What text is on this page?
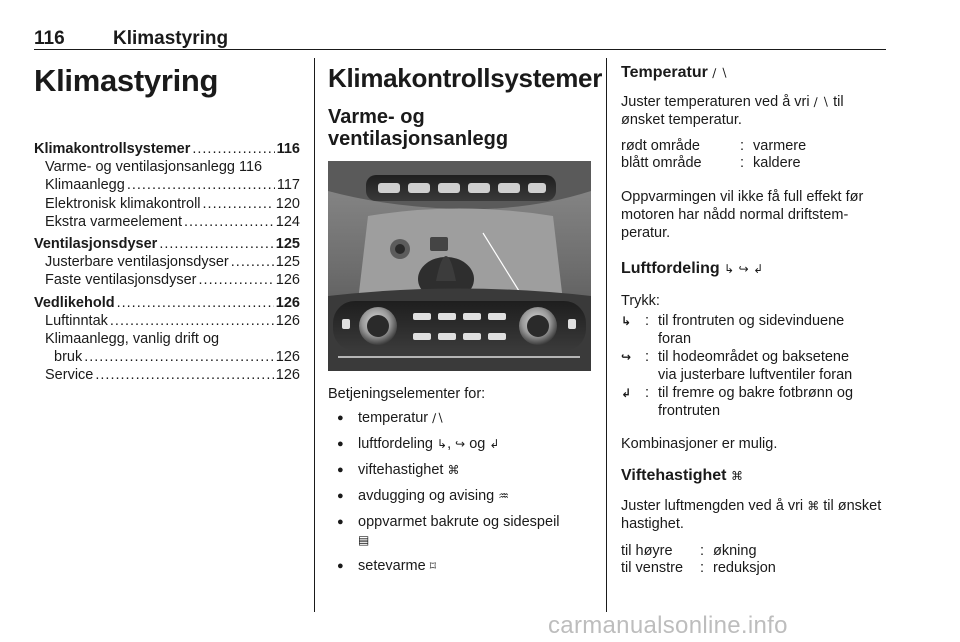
116	Klimastyring
Klimastyring
Klimakontrollsystemer .....	116
Varme- og ventilasjonsanlegg 116
Klimaanlegg .....	117
Elektronisk klimakontroll .....	120
Ekstra varmeelement .....	124
Ventilasjonsdyser .....	125
Justerbare ventilasjonsdyser .....	125
Faste ventilasjonsdyser .....	126
Vedlikehold .....	126
Luftinntak .....	126
Klimaanlegg, vanlig drift og
bruk .....	126
Service .....	126
Klimakontrollsystemer
Varme- og
ventilasjonsanlegg
Betjeningselementer for:
● temperatur ∕∖
● luftfordeling ↳, ↪ og ↲
● viftehastighet ⌘
● avdugging og avising ♒
● oppvarmet bakrute og sidespeil
▤
● setevarme ⌑
Temperatur ∕ ∖
Juster temperaturen ved å vri ∕ ∖ til ønsket temperatur.
rødt område	: varmere
blått område	: kaldere
Oppvarmingen vil ikke få full effekt før motoren har nådd normal driftstemperatur.
Luftfordeling ↳ ↪ ↲
Trykk:
↳ : til frontruten og sidevinduene
foran
↪ : til hodeområdet og baksetene
via justerbare luftventiler foran
↲ : til fremre og bakre fotbrønn og
frontruten
Kombinasjoner er mulig.
Viftehastighet ⌘
Juster luftmengden ved å vri ⌘ til ønsket hastighet.
til høyre	: økning
til venstre	: reduksjon
carmanualsonline.info
